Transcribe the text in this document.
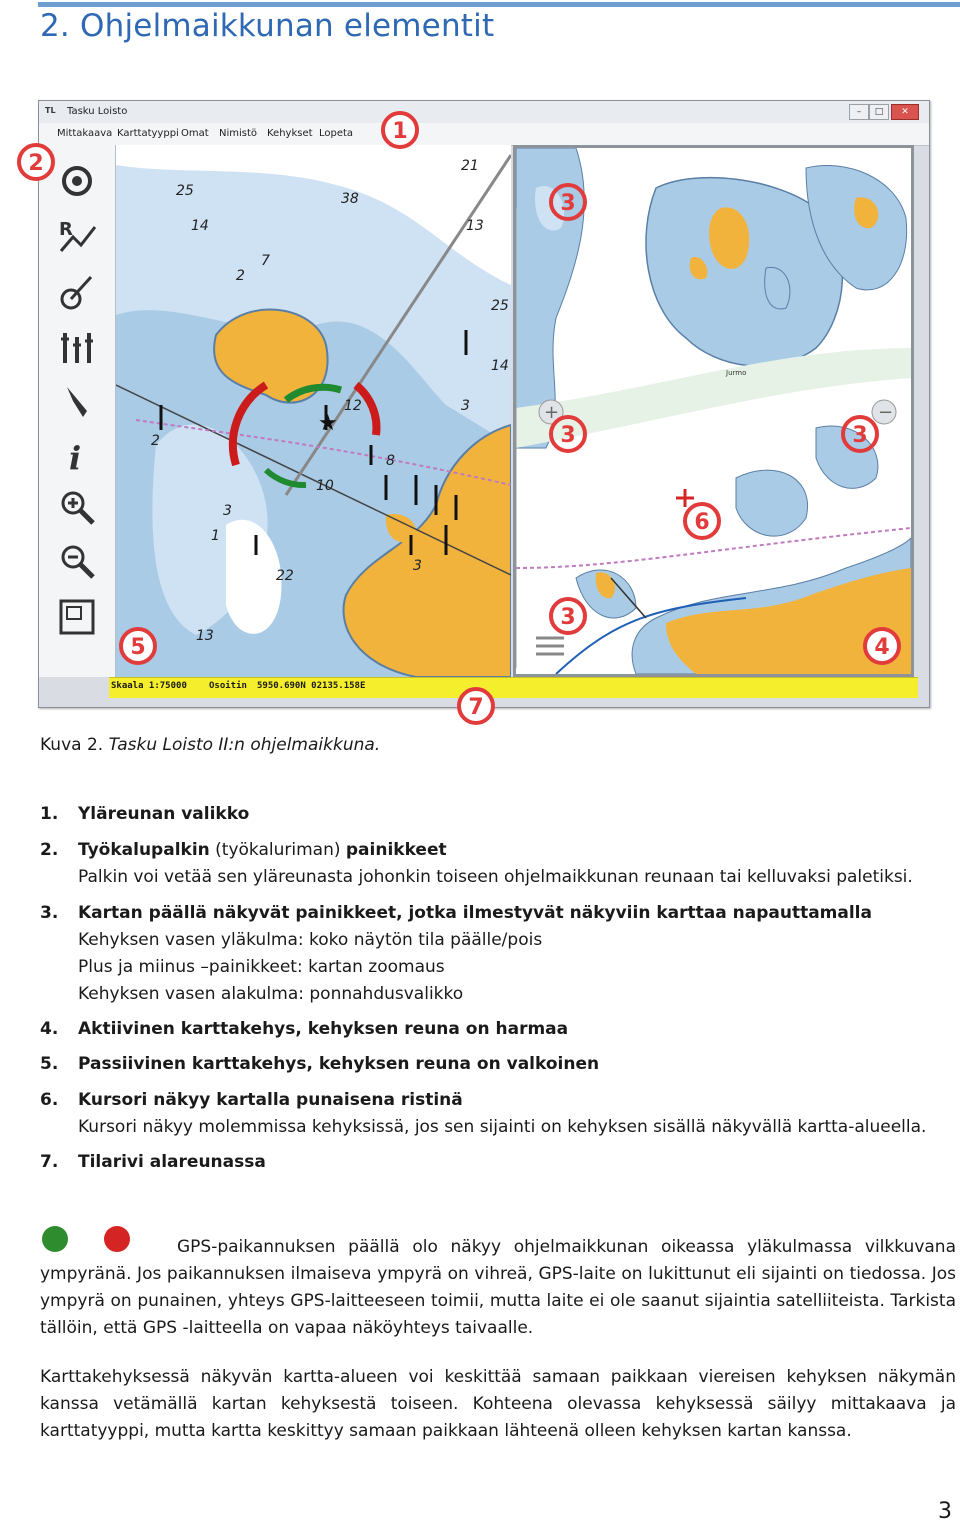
2. Ohjelmaikkunan elementit
TL Tasku Loisto	–	□	✕
Mittakaava Karttatyyppi Omat Nimistö Kehykset Lopeta
R
i
25	38
14	13
21
7
2
25
12	3
14
2
8
10
3
1
22
3
13
★
Jurmo
+	−
Skaala 1:75000 Osoitin 5950.690N 02135.158E
1
2
3
3	3
3
4
5
6
7
Kuva 2. Tasku Loisto II:n ohjelmaikkuna.
1. Yläreunan valikko
2. Työkalupalkin (työkaluriman) painikkeet
Palkin voi vetää sen yläreunasta johonkin toiseen ohjelmaikkunan reunaan tai kelluvaksi paletiksi.
3. Kartan päällä näkyvät painikkeet, jotka ilmestyvät näkyviin karttaa napauttamalla
Kehyksen vasen yläkulma: koko näytön tila päälle/pois
Plus ja miinus –painikkeet: kartan zoomaus
Kehyksen vasen alakulma: ponnahdusvalikko
4. Aktiivinen karttakehys, kehyksen reuna on harmaa
5. Passiivinen karttakehys, kehyksen reuna on valkoinen
6. Kursori näkyy kartalla punaisena ristinä
Kursori näkyy molemmissa kehyksissä, jos sen sijainti on kehyksen sisällä näkyvällä kartta-alueella.
7. Tilarivi alareunassa
GPS-paikannuksen päällä olo näkyy ohjelmaikkunan oikeassa yläkulmassa vilkkuvana ympyränä. Jos paikannuksen ilmaiseva ympyrä on vihreä, GPS-laite on lukittunut eli sijainti on tiedossa. Jos ympyrä on punainen, yhteys GPS-laitteeseen toimii, mutta laite ei ole saanut sijaintia satelliiteista. Tarkista tällöin, että GPS -laitteella on vapaa näköyhteys taivaalle.
Karttakehyksessä näkyvän kartta-alueen voi keskittää samaan paikkaan viereisen kehyksen näkymän kanssa vetämällä kartan kehyksestä toiseen. Kohteena olevassa kehyksessä säilyy mittakaava ja karttatyyppi, mutta kartta keskittyy samaan paikkaan lähteenä olleen kehyksen kartan kanssa.
3
